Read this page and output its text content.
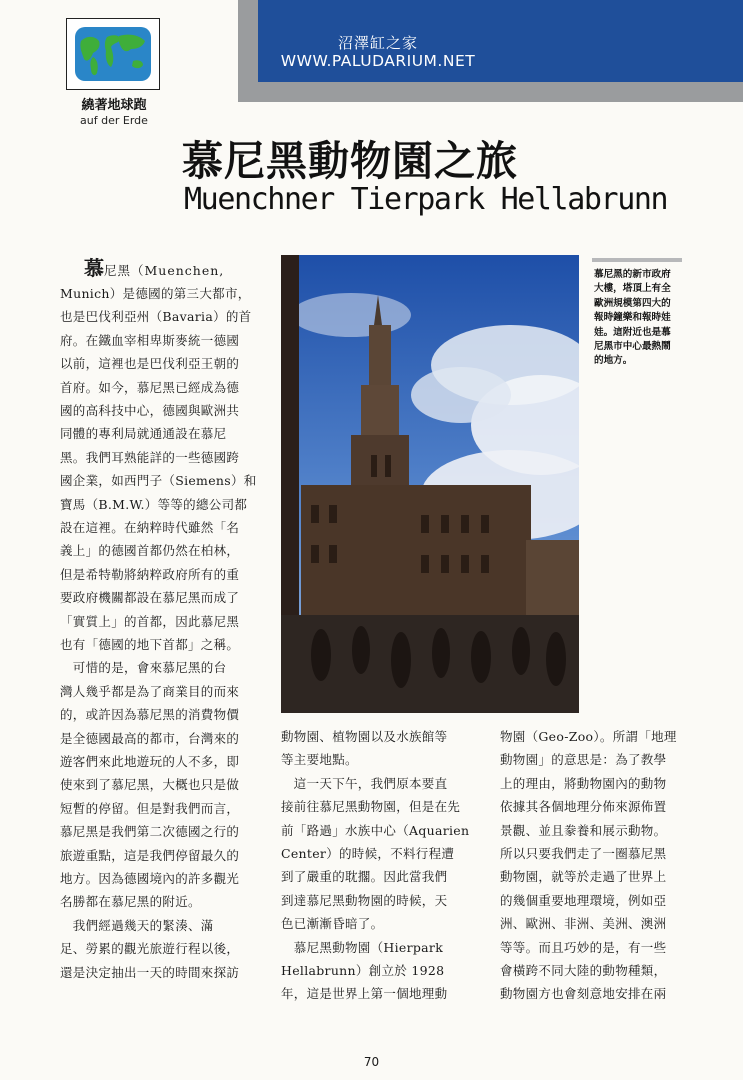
沼澤缸之家
WWW.PALUDARIUM.NET
繞著地球跑
auf der Erde
慕尼黑動物園之旅
Muenchner Tierpark Hellabrunn
慕尼黑（Muenchen,
Munich）是德國的第三大都市，
也是巴伐利亞州（Bavaria）的首
府。在鐵血宰相卑斯麥統一德國
以前，這裡也是巴伐利亞王朝的
首府。如今，慕尼黑已經成為德
國的高科技中心，德國與歐洲共
同體的專利局就通通設在慕尼
黑。我們耳熟能詳的一些德國跨
國企業，如西門子（Siemens）和
寶馬（B.M.W.）等等的總公司都
設在這裡。在納粹時代雖然「名
義上」的德國首都仍然在柏林，
但是希特勒將納粹政府所有的重
要政府機關都設在慕尼黑而成了
「實質上」的首都，因此慕尼黑
也有「德國的地下首都」之稱。
　可惜的是，會來慕尼黑的台
灣人幾乎都是為了商業目的而來
的，或許因為慕尼黑的消費物價
是全德國最高的都市，台灣來的
遊客們來此地遊玩的人不多，即
使來到了慕尼黑，大概也只是做
短暫的停留。但是對我們而言，
慕尼黑是我們第二次德國之行的
旅遊重點，這是我們停留最久的
地方。因為德國境內的許多觀光
名勝都在慕尼黑的附近。
　我們經過幾天的緊湊、滿
足、勞累的觀光旅遊行程以後，
還是決定抽出一天的時間來探訪
慕尼黑的新市政府
大樓，塔頂上有全
歐洲規模第四大的
報時鐘樂和報時娃
娃。這附近也是慕
尼黑市中心最熱鬧
的地方。
動物園、植物園以及水族館等
等主要地點。
　這一天下午，我們原本要直
接前往慕尼黑動物園，但是在先
前「路過」水族中心（Aquarien
Center）的時候，不料行程遭
到了嚴重的耽擱。因此當我們
到達慕尼黑動物園的時候，天
色已漸漸昏暗了。
　慕尼黑動物園（Hierpark
Hellabrunn）創立於 1928
年，這是世界上第一個地理動
物園（Geo-Zoo）。所謂「地理
動物園」的意思是：為了教學
上的理由，將動物園內的動物
依據其各個地理分佈來源佈置
景觀、並且豢養和展示動物。
所以只要我們走了一圈慕尼黑
動物園，就等於走過了世界上
的幾個重要地理環境，例如亞
洲、歐洲、非洲、美洲、澳洲
等等。而且巧妙的是，有一些
會橫跨不同大陸的動物種類，
動物園方也會刻意地安排在兩
70
